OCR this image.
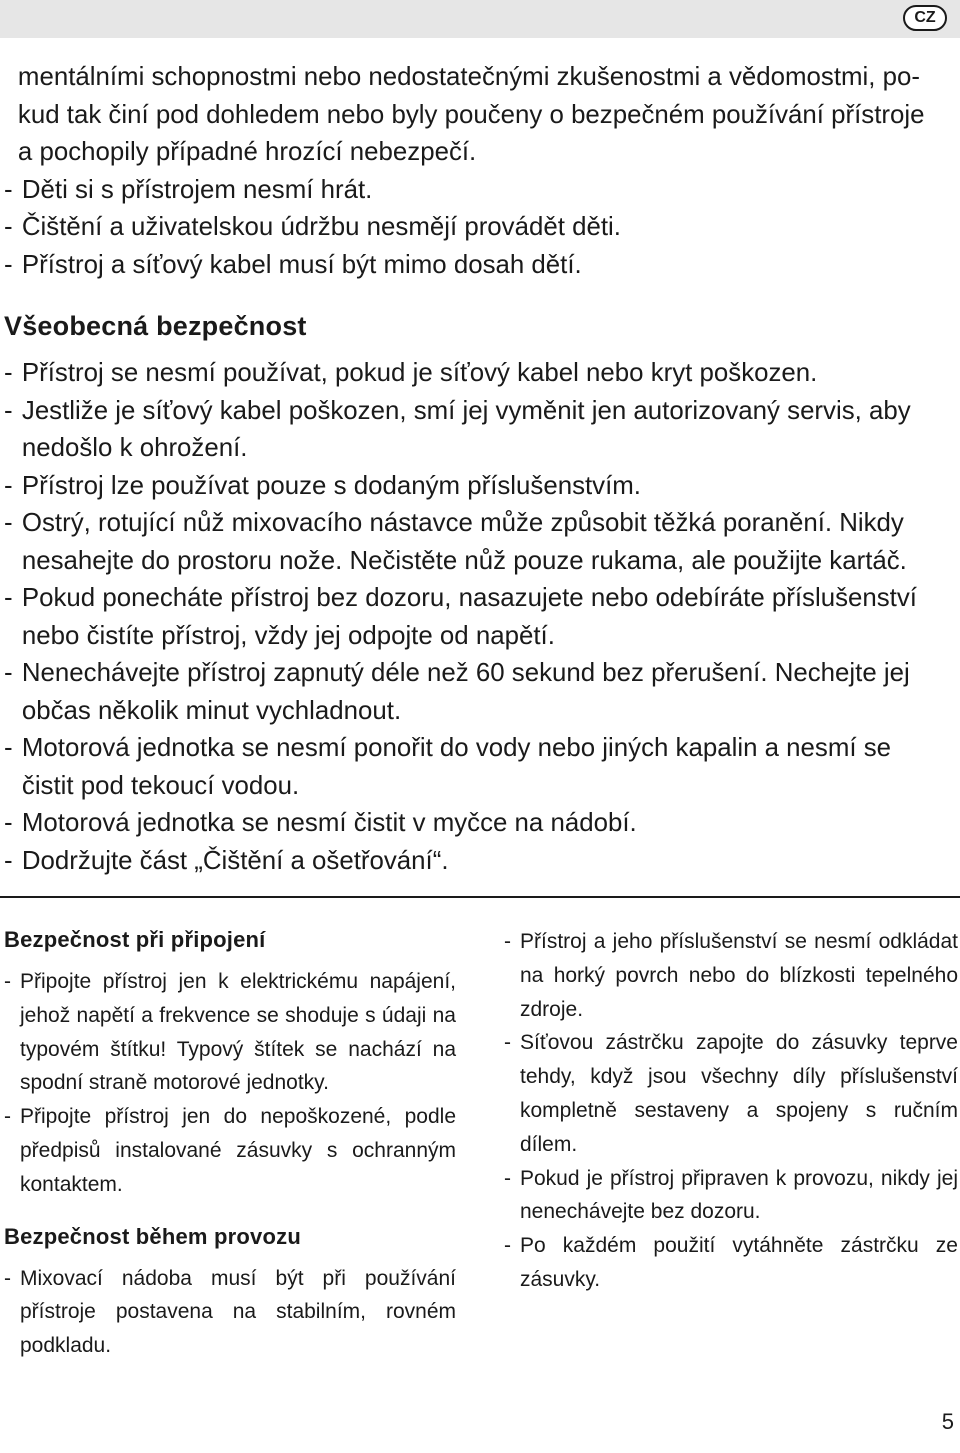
CZ
mentálními schopnostmi nebo nedostatečnými zkušenostmi a vědomostmi, po-
kud tak činí pod dohledem nebo byly poučeny o bezpečném používání přístroje
a pochopily případné hrozící nebezpečí.
- Děti si s přístrojem nesmí hrát.
- Čištění a uživatelskou údržbu nesmějí provádět děti.
- Přístroj a síťový kabel musí být mimo dosah dětí.
Všeobecná bezpečnost
- Přístroj se nesmí používat, pokud je síťový kabel nebo kryt poškozen.
- Jestliže je síťový kabel poškozen, smí jej vyměnit jen autorizovaný servis, aby
nedošlo k ohrožení.
- Přístroj lze používat pouze s dodaným příslušenstvím.
- Ostrý, rotující nůž mixovacího nástavce může způsobit těžká poranění. Nikdy
nesahejte do prostoru nože. Nečistěte nůž pouze rukama, ale použijte kartáč.
- Pokud ponecháte přístroj bez dozoru, nasazujete nebo odebíráte příslušenství
nebo čistíte přístroj, vždy jej odpojte od napětí.
- Nenechávejte přístroj zapnutý déle než 60 sekund bez přerušení. Nechejte jej
občas několik minut vychladnout.
- Motorová jednotka se nesmí ponořit do vody nebo jiných kapalin a nesmí se
čistit pod tekoucí vodou.
- Motorová jednotka se nesmí čistit v myčce na nádobí.
- Dodržujte část „Čištění a ošetřování“.
Bezpečnost při připojení
- Připojte přístroj jen k elektrickému napájení, jehož napětí a frekvence se shoduje s údaji na typovém štítku! Typový štítek se nachází na spodní straně motorové jednotky.
- Připojte přístroj jen do nepoškozené, podle předpisů instalované zásuvky s ochranným kontaktem.
Bezpečnost během provozu
- Mixovací nádoba musí být při používání přístroje postavena na stabilním, rovném podkladu.
- Přístroj a jeho příslušenství se nesmí odkládat na horký povrch nebo do blízkosti tepelného zdroje.
- Síťovou zástrčku zapojte do zásuvky teprve tehdy, když jsou všechny díly příslušenství kompletně sestaveny a spojeny s ručním dílem.
- Pokud je přístroj připraven k provozu, nikdy jej nenechávejte bez dozoru.
- Po každém použití vytáhněte zástrčku ze zásuvky.
5
